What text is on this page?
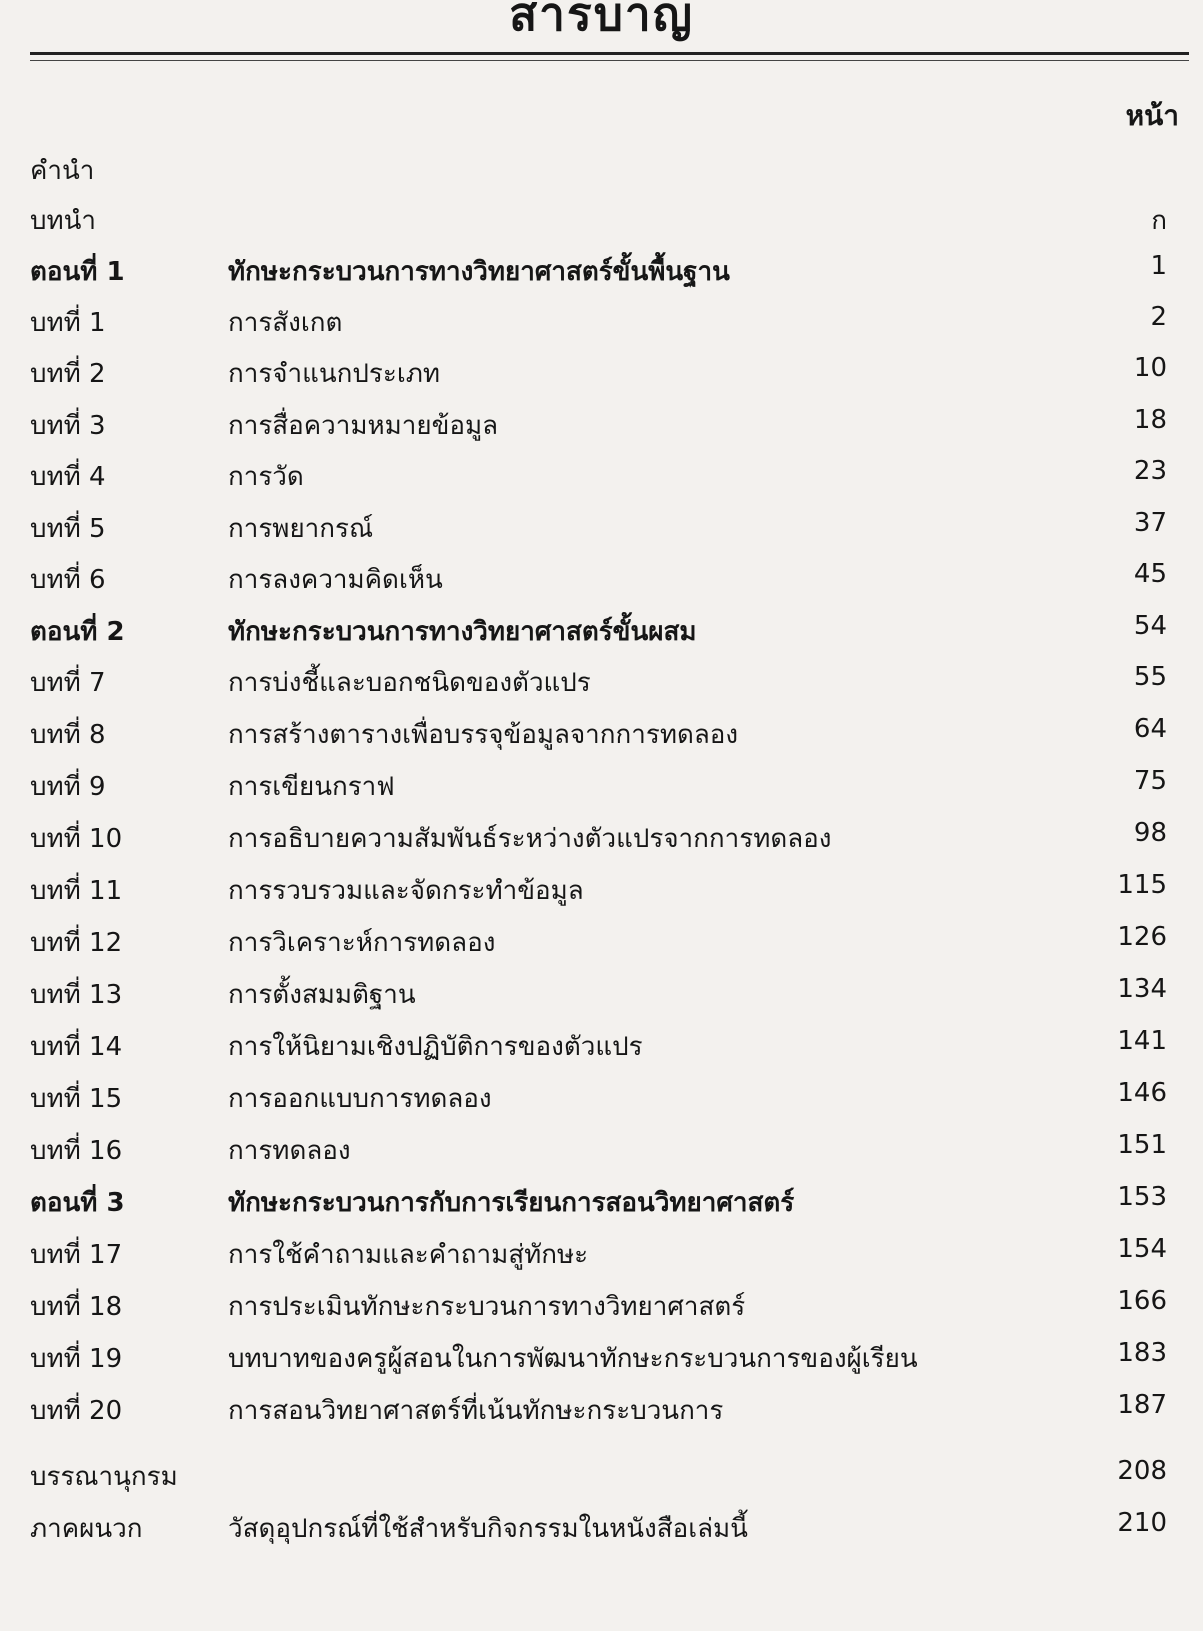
สารบาญ
หน้า
คำนำ
บทนำ	ก
ตอนที่ 1	ทักษะกระบวนการทางวิทยาศาสตร์ขั้นพื้นฐาน	1
บทที่ 1	การสังเกต	2
บทที่ 2	การจำแนกประเภท	10
บทที่ 3	การสื่อความหมายข้อมูล	18
บทที่ 4	การวัด	23
บทที่ 5	การพยากรณ์	37
บทที่ 6	การลงความคิดเห็น	45
ตอนที่ 2	ทักษะกระบวนการทางวิทยาศาสตร์ขั้นผสม	54
บทที่ 7	การบ่งชี้และบอกชนิดของตัวแปร	55
บทที่ 8	การสร้างตารางเพื่อบรรจุข้อมูลจากการทดลอง	64
บทที่ 9	การเขียนกราฟ	75
บทที่ 10	การอธิบายความสัมพันธ์ระหว่างตัวแปรจากการทดลอง	98
บทที่ 11	การรวบรวมและจัดกระทำข้อมูล	115
บทที่ 12	การวิเคราะห์การทดลอง	126
บทที่ 13	การตั้งสมมติฐาน	134
บทที่ 14	การให้นิยามเชิงปฏิบัติการของตัวแปร	141
บทที่ 15	การออกแบบการทดลอง	146
บทที่ 16	การทดลอง	151
ตอนที่ 3	ทักษะกระบวนการกับการเรียนการสอนวิทยาศาสตร์	153
บทที่ 17	การใช้คำถามและคำถามสู่ทักษะ	154
บทที่ 18	การประเมินทักษะกระบวนการทางวิทยาศาสตร์	166
บทที่ 19	บทบาทของครูผู้สอนในการพัฒนาทักษะกระบวนการของผู้เรียน	183
บทที่ 20	การสอนวิทยาศาสตร์ที่เน้นทักษะกระบวนการ	187
บรรณานุกรม	208
ภาคผนวก	วัสดุอุปกรณ์ที่ใช้สำหรับกิจกรรมในหนังสือเล่มนี้	210
